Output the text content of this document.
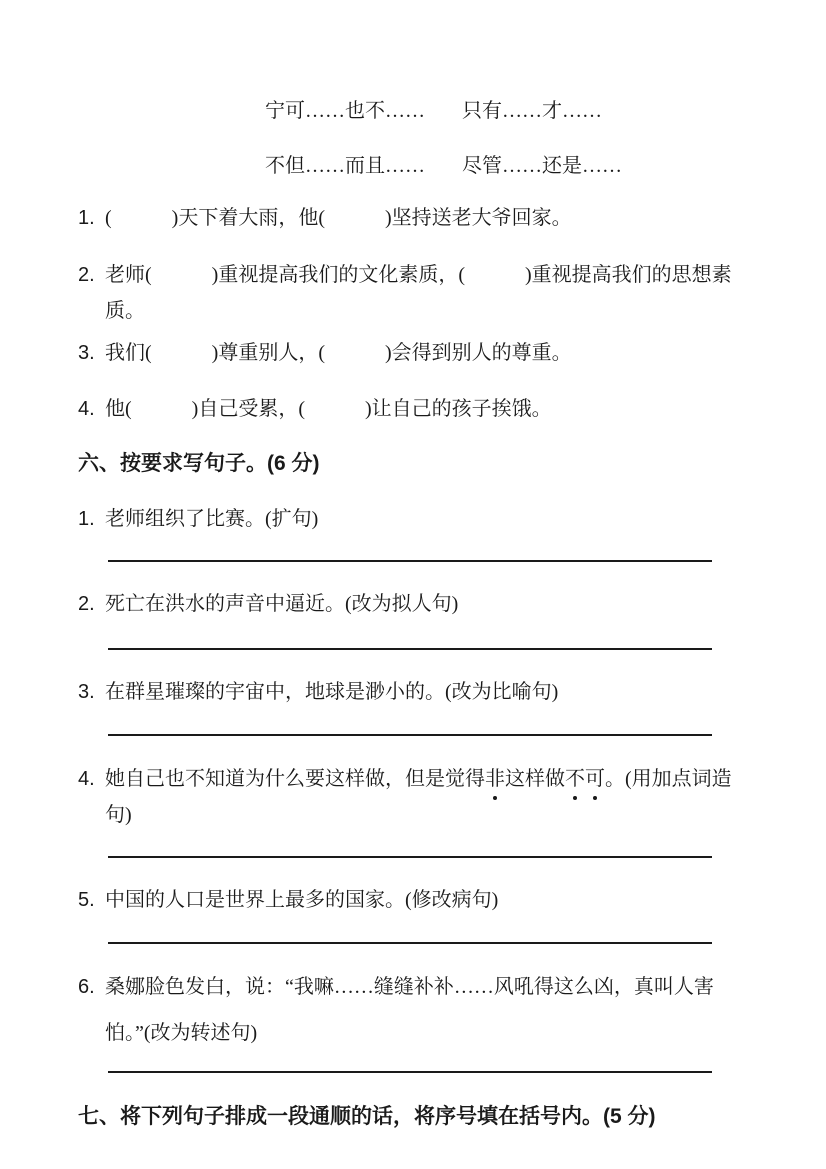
宁可……也不……	只有……才……
不但……而且……	尽管……还是……
1. (            )天下着大雨，他(            )坚持送老大爷回家。
2. 老师(            )重视提高我们的文化素质，(            )重视提高我们的思想素质。
3. 我们(            )尊重别人，(            )会得到别人的尊重。
4. 他(            )自己受累，(            )让自己的孩子挨饿。
六、按要求写句子。(6 分)
1. 老师组织了比赛。(扩句)
2. 死亡在洪水的声音中逼近。(改为拟人句)
3. 在群星璀璨的宇宙中，地球是渺小的。(改为比喻句)
4. 她自己也不知道为什么要这样做，但是觉得非这样做不可。(用加点词造句)
5. 中国的人口是世界上最多的国家。(修改病句)
6. 桑娜脸色发白，说：“我嘛……缝缝补补……风吼得这么凶，真叫人害怕。”(改为转述句)
七、将下列句子排成一段通顺的话，将序号填在括号内。(5 分)
